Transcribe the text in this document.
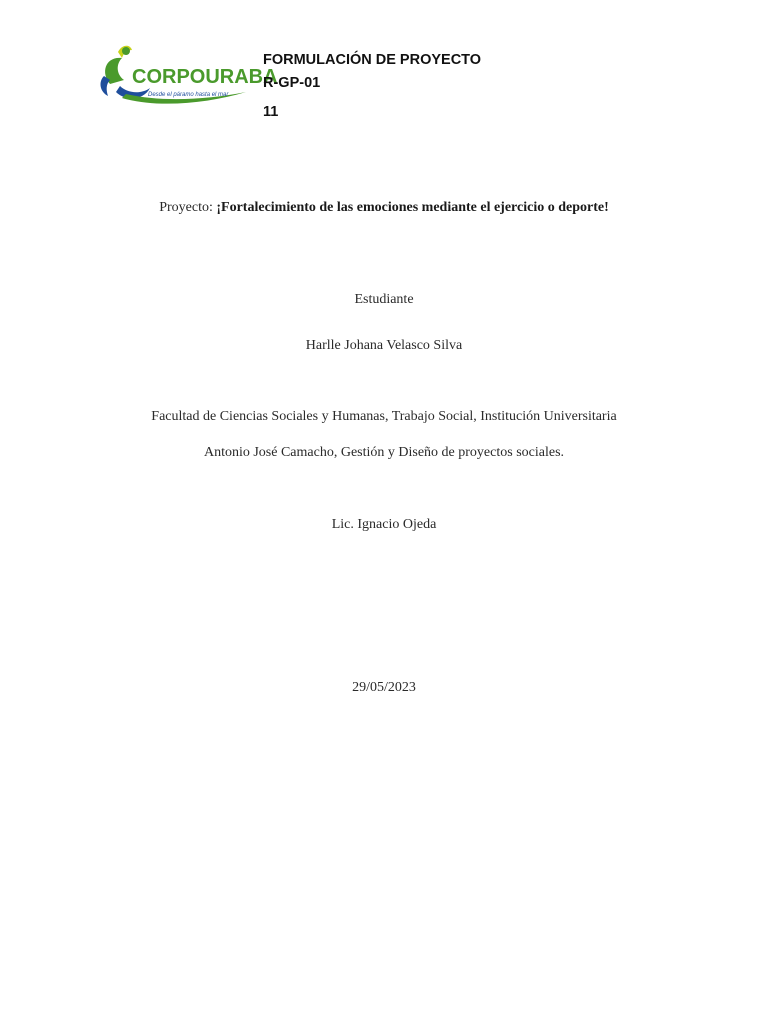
CORPOURABA
Desde el páramo hasta el mar
FORMULACIÓN DE PROYECTO
R-GP-01
11
Proyecto: ¡Fortalecimiento de las emociones mediante el ejercicio o deporte!
Estudiante
Harlle Johana Velasco Silva
Facultad de Ciencias Sociales y Humanas, Trabajo Social, Institución Universitaria
Antonio José Camacho, Gestión y Diseño de proyectos sociales.
Lic. Ignacio Ojeda
29/05/2023
